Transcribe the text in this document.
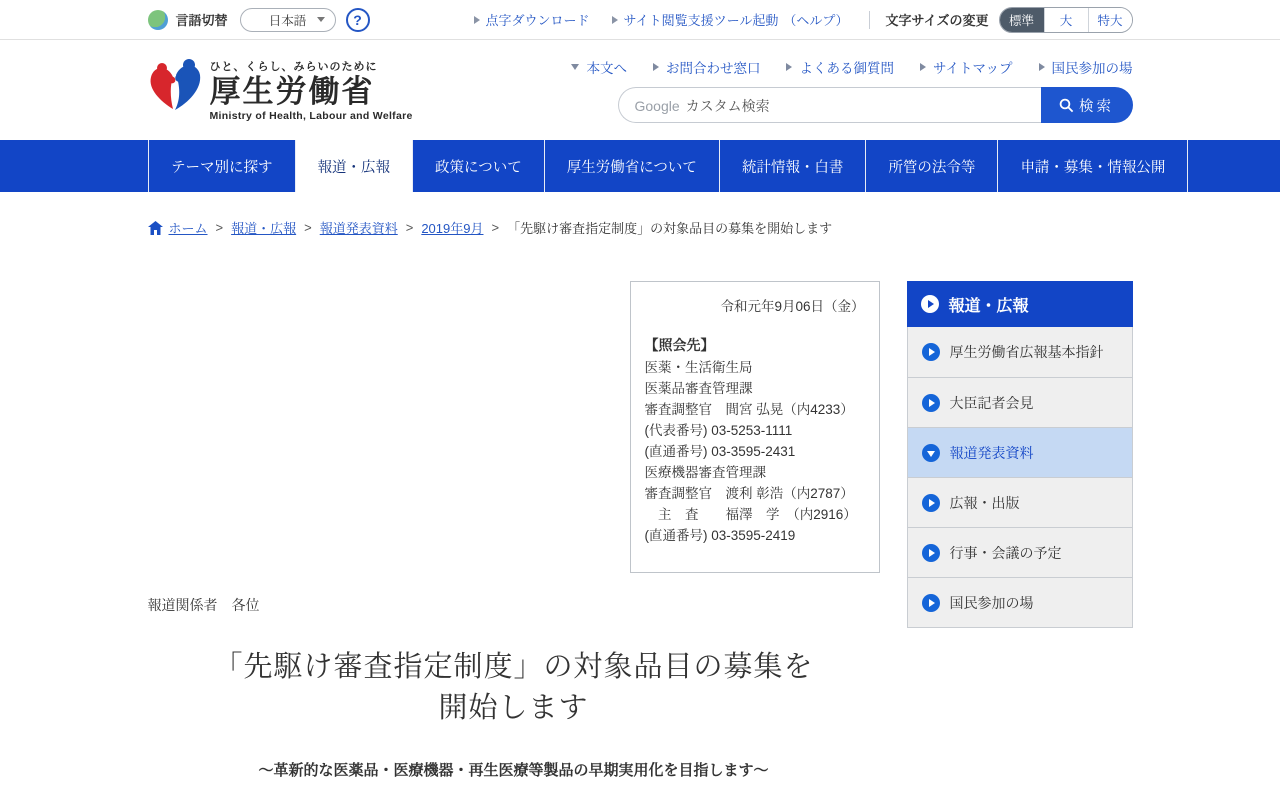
言語切替	日本語	?	点字ダウンロード	サイト閲覧支援ツール起動 （ヘルプ）	文字サイズの変更	標準	大	特大
ひと、くらし、みらいのために
厚生労働省
Ministry of Health, Labour and Welfare
本文へ	お問合わせ窓口	よくある御質問	サイトマップ	国民参加の場
Google カスタム検索	検索
テーマ別に探す	報道・広報	政策について	厚生労働省について	統計情報・白書	所管の法令等	申請・募集・情報公開
ホーム > 報道・広報 > 報道発表資料 > 2019年9月 > 「先駆け審査指定制度」の対象品目の募集を開始します
令和元年9月06日（金）
【照会先】
医薬・生活衛生局
医薬品審査管理課
審査調整官　間宮 弘晃（内4233）
(代表番号) 03-5253-1111
(直通番号) 03-3595-2431
医療機器審査管理課
審査調整官　渡利 彰浩（内2787）
　主　査　　福澤　学　（内2916）
(直通番号) 03-3595-2419
報道関係者　各位
「先駆け審査指定制度」の対象品目の募集を
開始します
～革新的な医薬品・医療機器・再生医療等製品の早期実用化を目指します～
報道・広報
厚生労働省広報基本指針
大臣記者会見
報道発表資料
広報・出版
行事・会議の予定
国民参加の場
